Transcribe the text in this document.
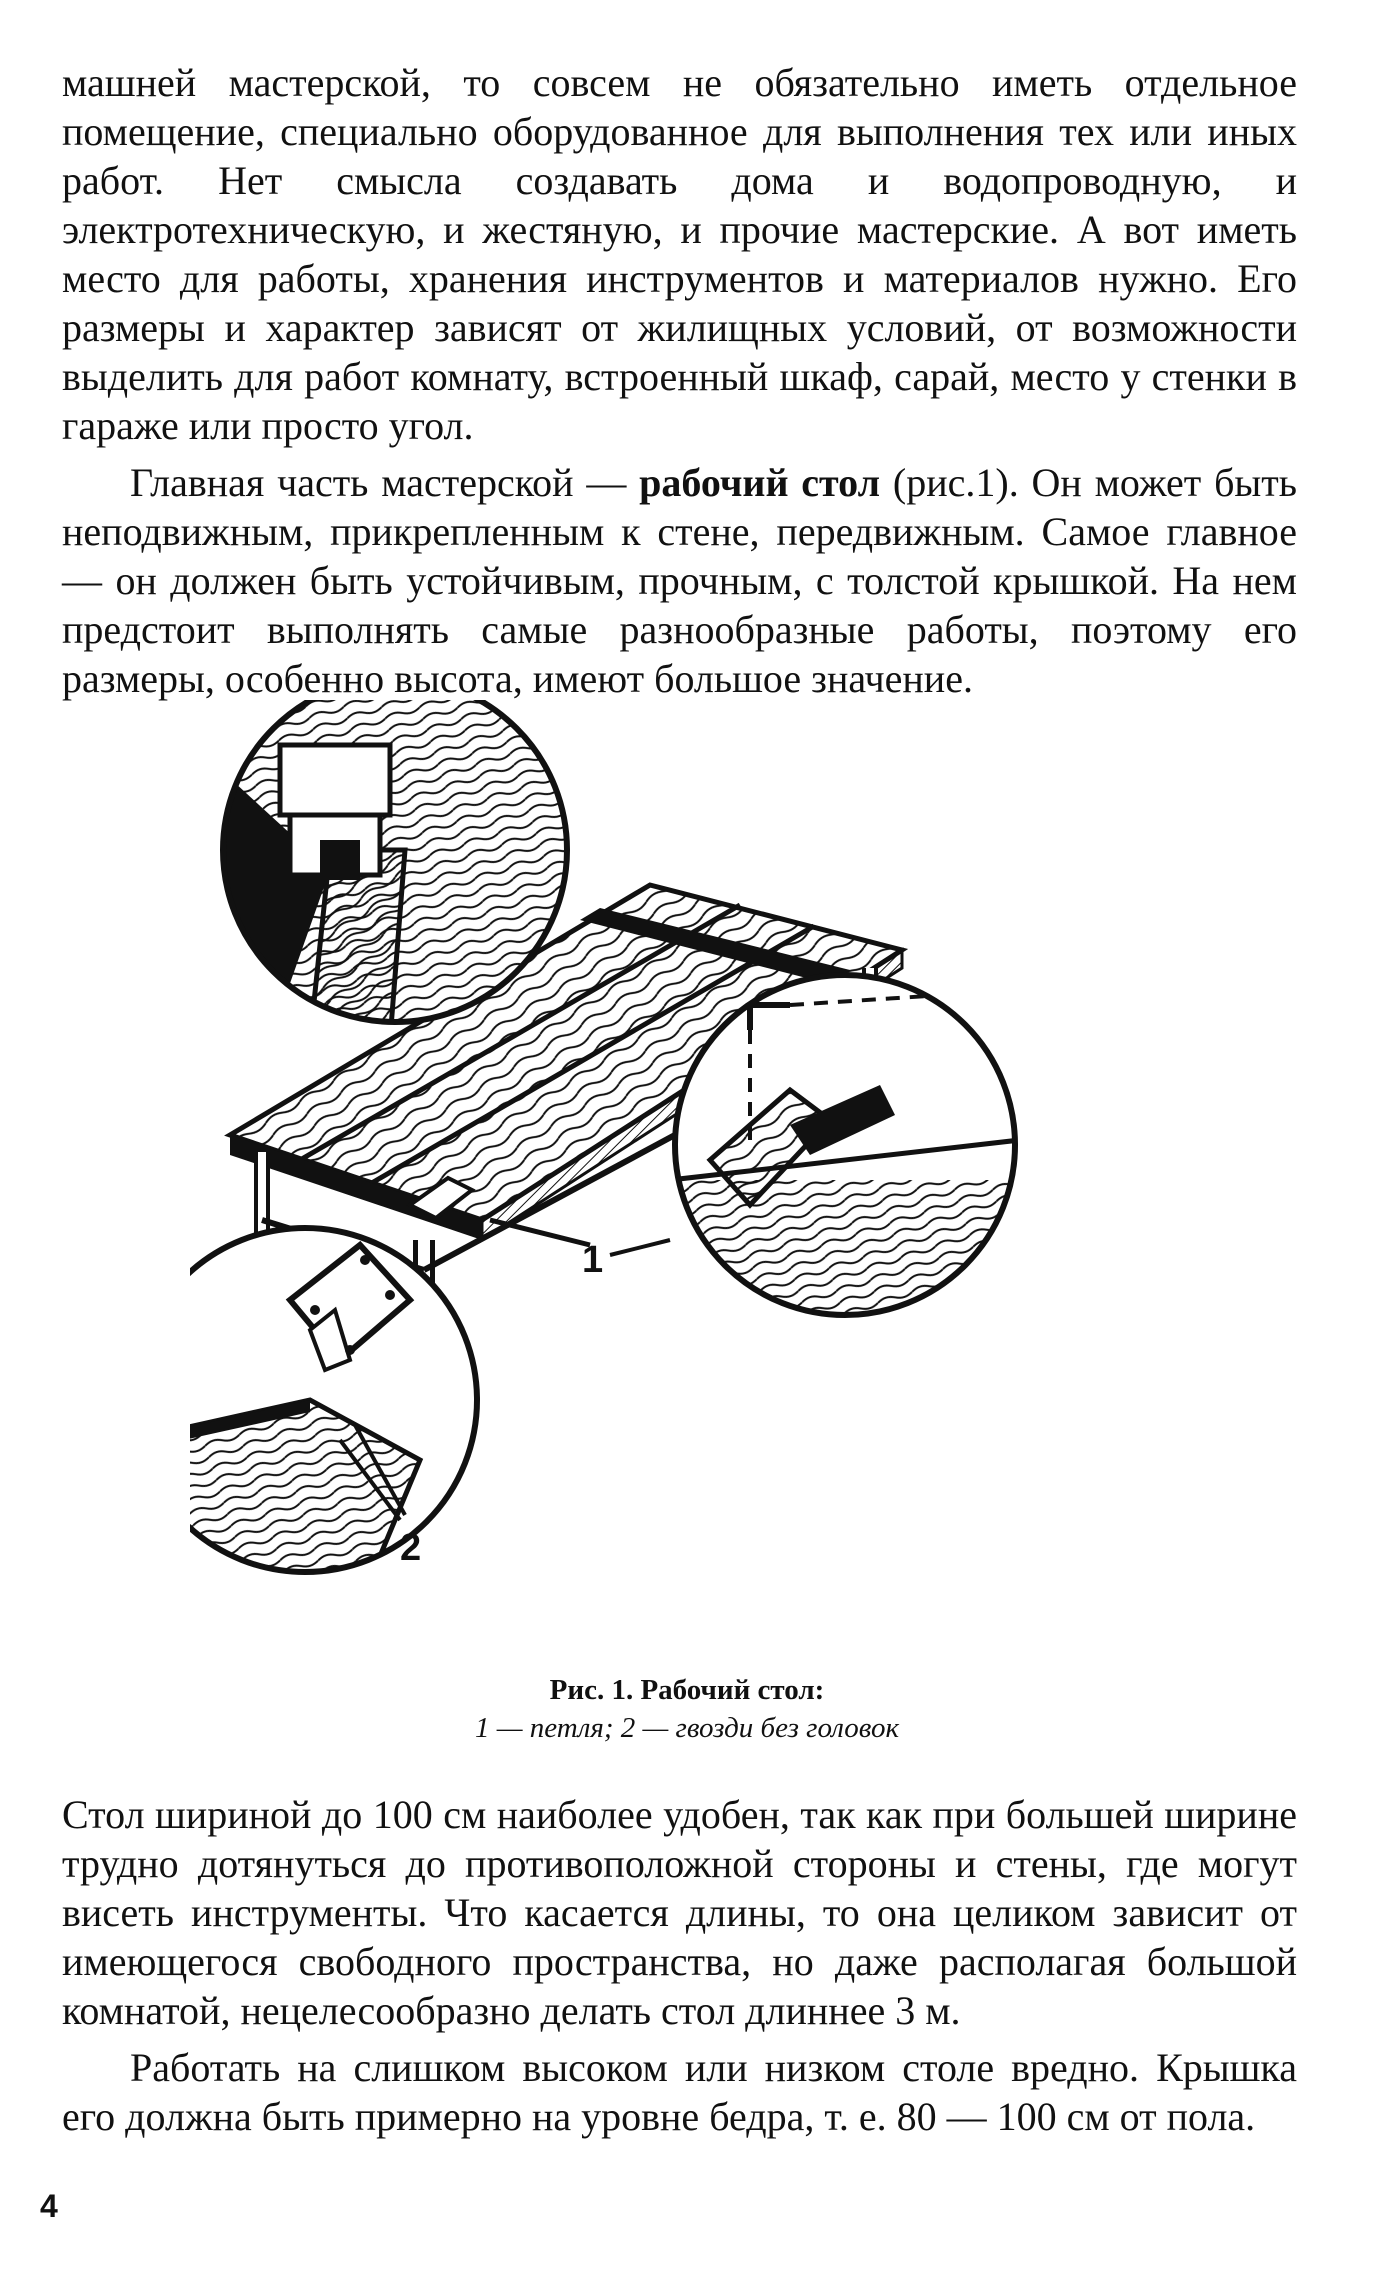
машней мастерской, то совсем не обязательно иметь отдельное помещение, специально оборудованное для выполнения тех или иных работ. Нет смысла создавать дома и водопроводную, и электротехническую, и жестяную, и прочие мастерские. А вот иметь место для работы, хранения инструментов и материалов нужно. Его размеры и характер зависят от жилищных условий, от возможности выделить для работ комнату, встроенный шкаф, сарай, место у стенки в гараже или просто угол.

Главная часть мастерской — рабочий стол (рис.1). Он может быть неподвижным, прикрепленным к стене, передвижным. Самое главное — он должен быть устойчивым, прочным, с толстой крышкой. На нем предстоит выполнять самые разнообразные работы, поэтому его размеры, особенно высота, имеют большое значение.

1
2
Рис. 1. Рабочий стол:
1 — петля; 2 — гвозди без головок

Стол шириной до 100 см наиболее удобен, так как при большей ширине трудно дотянуться до противоположной стороны и стены, где могут висеть инструменты. Что касается длины, то она целиком зависит от имеющегося свободного пространства, но даже располагая большой комнатой, нецелесообразно делать стол длиннее 3 м.

Работать на слишком высоком или низком столе вредно. Крышка его должна быть примерно на уровне бедра, т. е. 80 — 100 см от пола.

4
